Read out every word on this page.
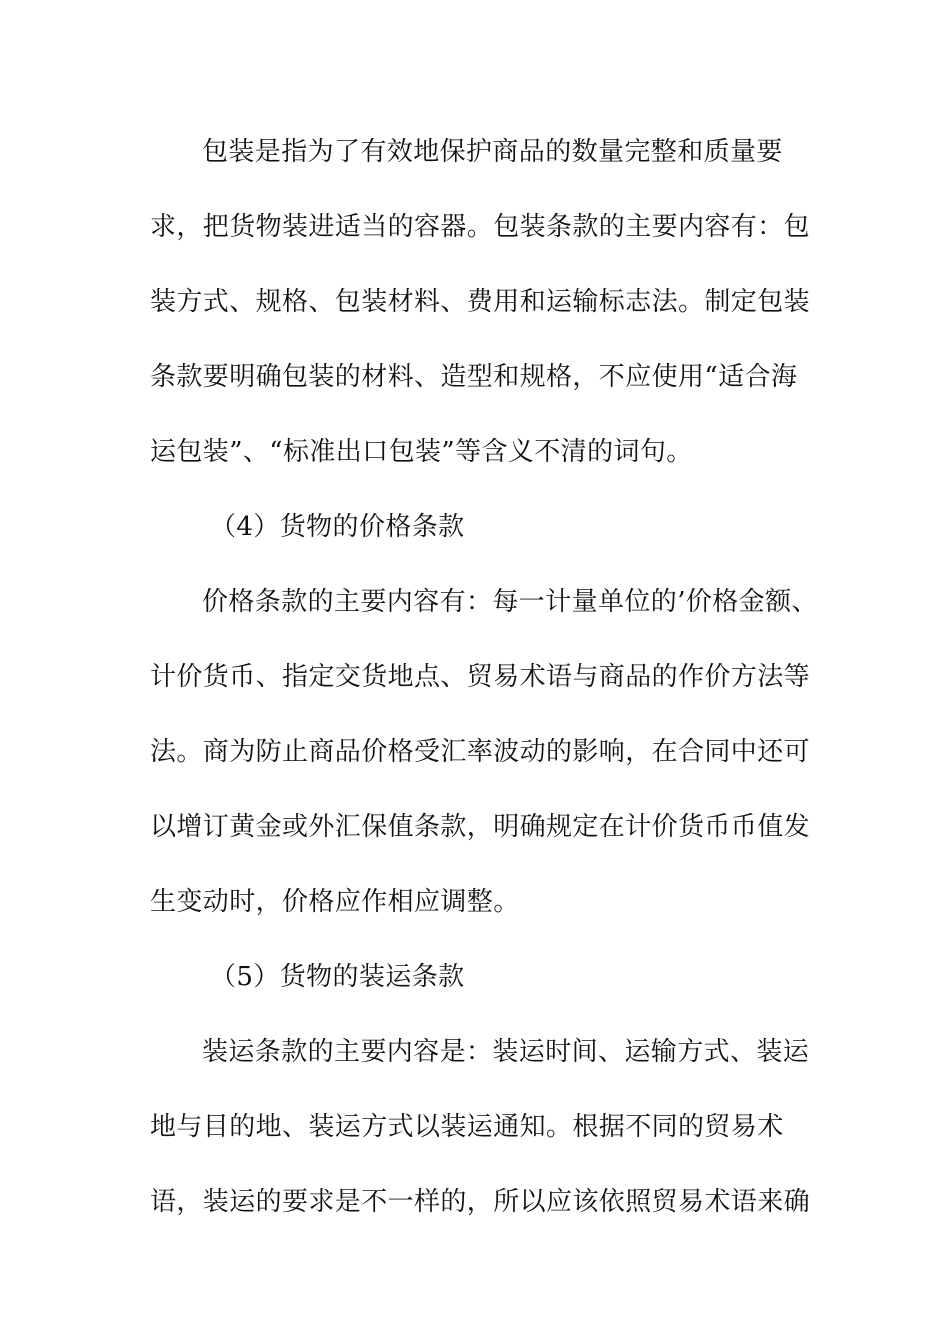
包装是指为了有效地保护商品的数量完整和质量要
求，把货物装进适当的容器。包装条款的主要内容有：包
装方式、规格、包装材料、费用和运输标志法。制定包装
条款要明确包装的材料、造型和规格，不应使用“适合海
运包装”、“标准出口包装”等含义不清的词句。
（4）货物的价格条款
价格条款的主要内容有：每一计量单位的’价格金额、
计价货币、指定交货地点、贸易术语与商品的作价方法等
法。商为防止商品价格受汇率波动的影响，在合同中还可
以增订黄金或外汇保值条款，明确规定在计价货币币值发
生变动时，价格应作相应调整。
（5）货物的装运条款
装运条款的主要内容是：装运时间、运输方式、装运
地与目的地、装运方式以装运通知。根据不同的贸易术
语，装运的要求是不一样的，所以应该依照贸易术语来确
